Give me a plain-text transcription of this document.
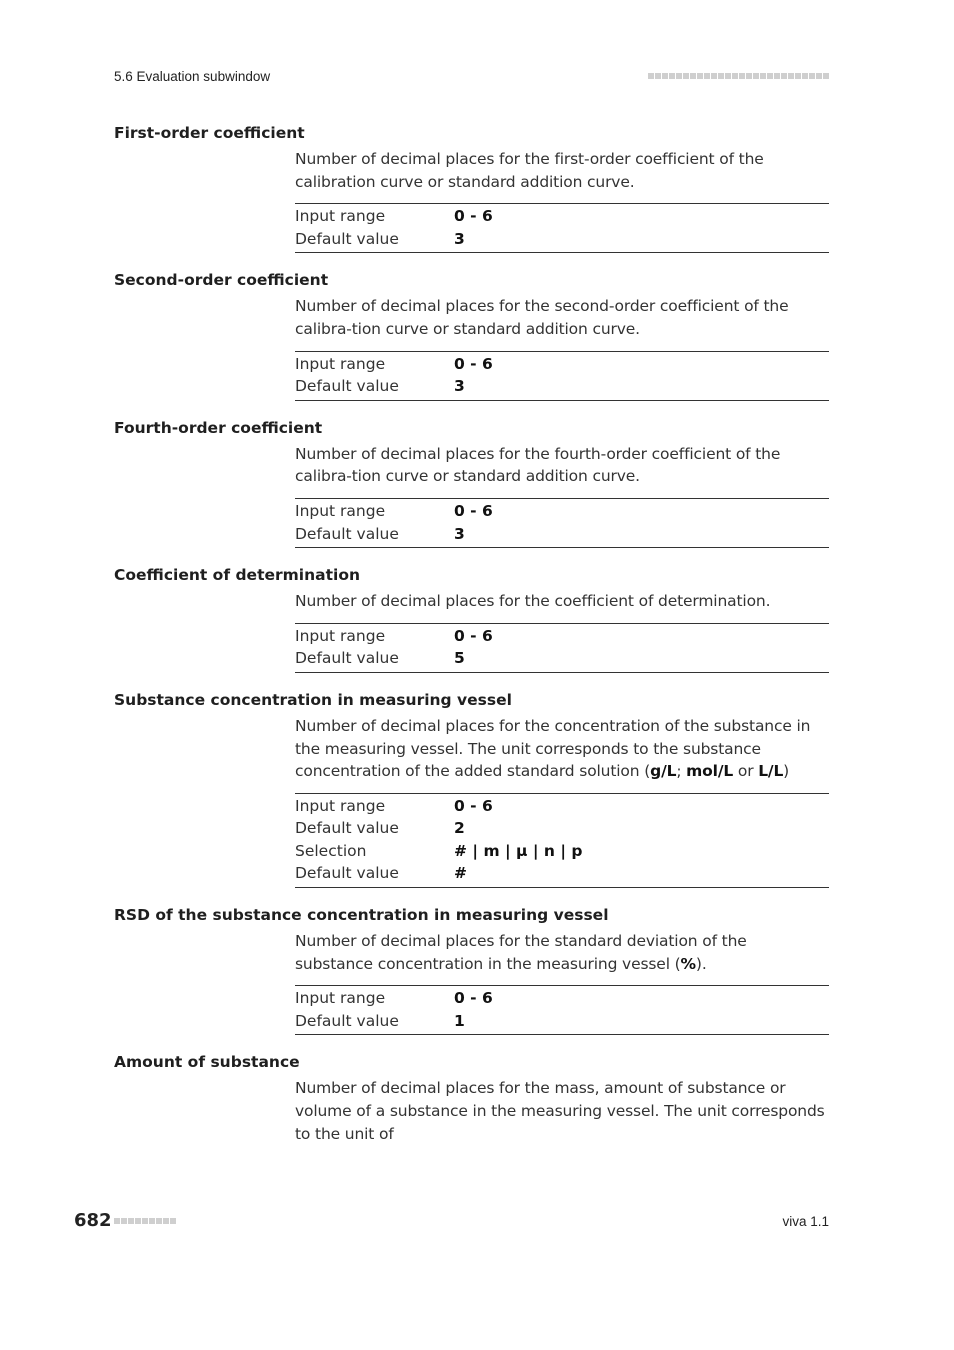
5.6 Evaluation subwindow
First-order coefficient
Number of decimal places for the first-order coefficient of the calibration curve or standard addition curve.
Input range	0 - 6
Default value	3
Second-order coefficient
Number of decimal places for the second-order coefficient of the calibra-tion curve or standard addition curve.
Input range	0 - 6
Default value	3
Fourth-order coefficient
Number of decimal places for the fourth-order coefficient of the calibra-tion curve or standard addition curve.
Input range	0 - 6
Default value	3
Coefficient of determination
Number of decimal places for the coefficient of determination.
Input range	0 - 6
Default value	5
Substance concentration in measuring vessel
Number of decimal places for the concentration of the substance in the measuring vessel. The unit corresponds to the substance concentration of the added standard solution (g/L; mol/L or L/L)
Input range	0 - 6
Default value	2
Selection	# | m | µ | n | p
Default value	#
RSD of the substance concentration in measuring vessel
Number of decimal places for the standard deviation of the substance concentration in the measuring vessel (%).
Input range	0 - 6
Default value	1
Amount of substance
Number of decimal places for the mass, amount of substance or volume of a substance in the measuring vessel. The unit corresponds to the unit of
682	viva 1.1
